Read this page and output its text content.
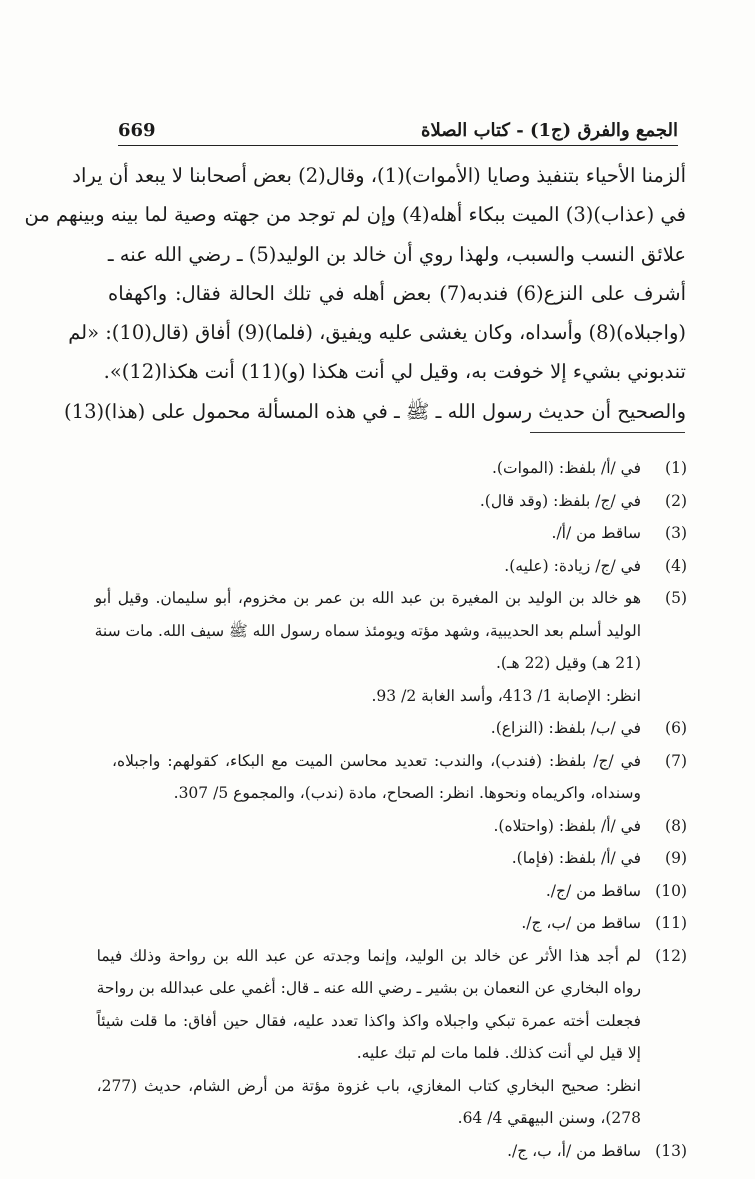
الجمع والفرق (ج1) - كتاب الصلاة
669
ألزمنا الأحياء بتنفيذ وصايا (الأموات)(1)، وقال(2) بعض أصحابنا لا يبعد أن يراد
في (عذاب)(3) الميت ببكاء أهله(4) وإن لم توجد من جهته وصية لما بينه وبينهم من
علائق النسب والسبب، ولهذا روي أن خالد بن الوليد(5) ـ رضي الله عنه ـ
أشرف على النزع(6) فندبه(7) بعض أهله في تلك الحالة فقال: واكهفاه
(واجبلاه)(8) وأسداه، وكان يغشى عليه ويفيق، (فلما)(9) أفاق (قال(10): «لم
تندبوني بشيء إلا خوفت به، وقيل لي أنت هكذا (و)(11) أنت هكذا(12)».
والصحيح أن حديث رسول الله ـ ﷺ ـ في هذه المسألة محمول على (هذا)(13)
(1)
في /أ/ بلفظ: (الموات).
(2)
في /ج/ بلفظ: (وقد قال).
(3)
ساقط من /أ/.
(4)
في /ج/ زيادة: (عليه).
(5)
هو خالد بن الوليد بن المغيرة بن عبد الله بن عمر بن مخزوم، أبو سليمان. وقيل أبو
الوليد أسلم بعد الحديبية، وشهد مؤته ويومئذ سماه رسول الله ﷺ سيف الله. مات سنة
(21 هـ) وقيل (22 هـ).
انظر: الإصابة 1/ 413، وأسد الغابة 2/ 93.
(6)
في /ب/ بلفظ: (النزاع).
(7)
في /ج/ بلفظ: (فندب)، والندب: تعديد محاسن الميت مع البكاء، كقولهم: واجبلاه،
وسنداه، واكريماه ونحوها. انظر: الصحاح، مادة (ندب)، والمجموع 5/ 307.
(8)
في /أ/ بلفظ: (واحتلاه).
(9)
في /أ/ بلفظ: (فإما).
(10)
ساقط من /ج/.
(11)
ساقط من /ب، ج/.
(12)
لم أجد هذا الأثر عن خالد بن الوليد، وإنما وجدته عن عبد الله بن رواحة وذلك فيما
رواه البخاري عن النعمان بن بشير ـ رضي الله عنه ـ قال: أغمي على عبدالله بن رواحة
فجعلت أخته عمرة تبكي واجبلاه واكذ واكذا تعدد عليه، فقال حين أفاق: ما قلت شيئاً
إلا قيل لي أنت كذلك. فلما مات لم تبك عليه.
انظر: صحيح البخاري كتاب المغازي، باب غزوة مؤتة من أرض الشام، حديث (277،
278)، وسنن البيهقي 4/ 64.
(13)
ساقط من /أ، ب، ج/.
